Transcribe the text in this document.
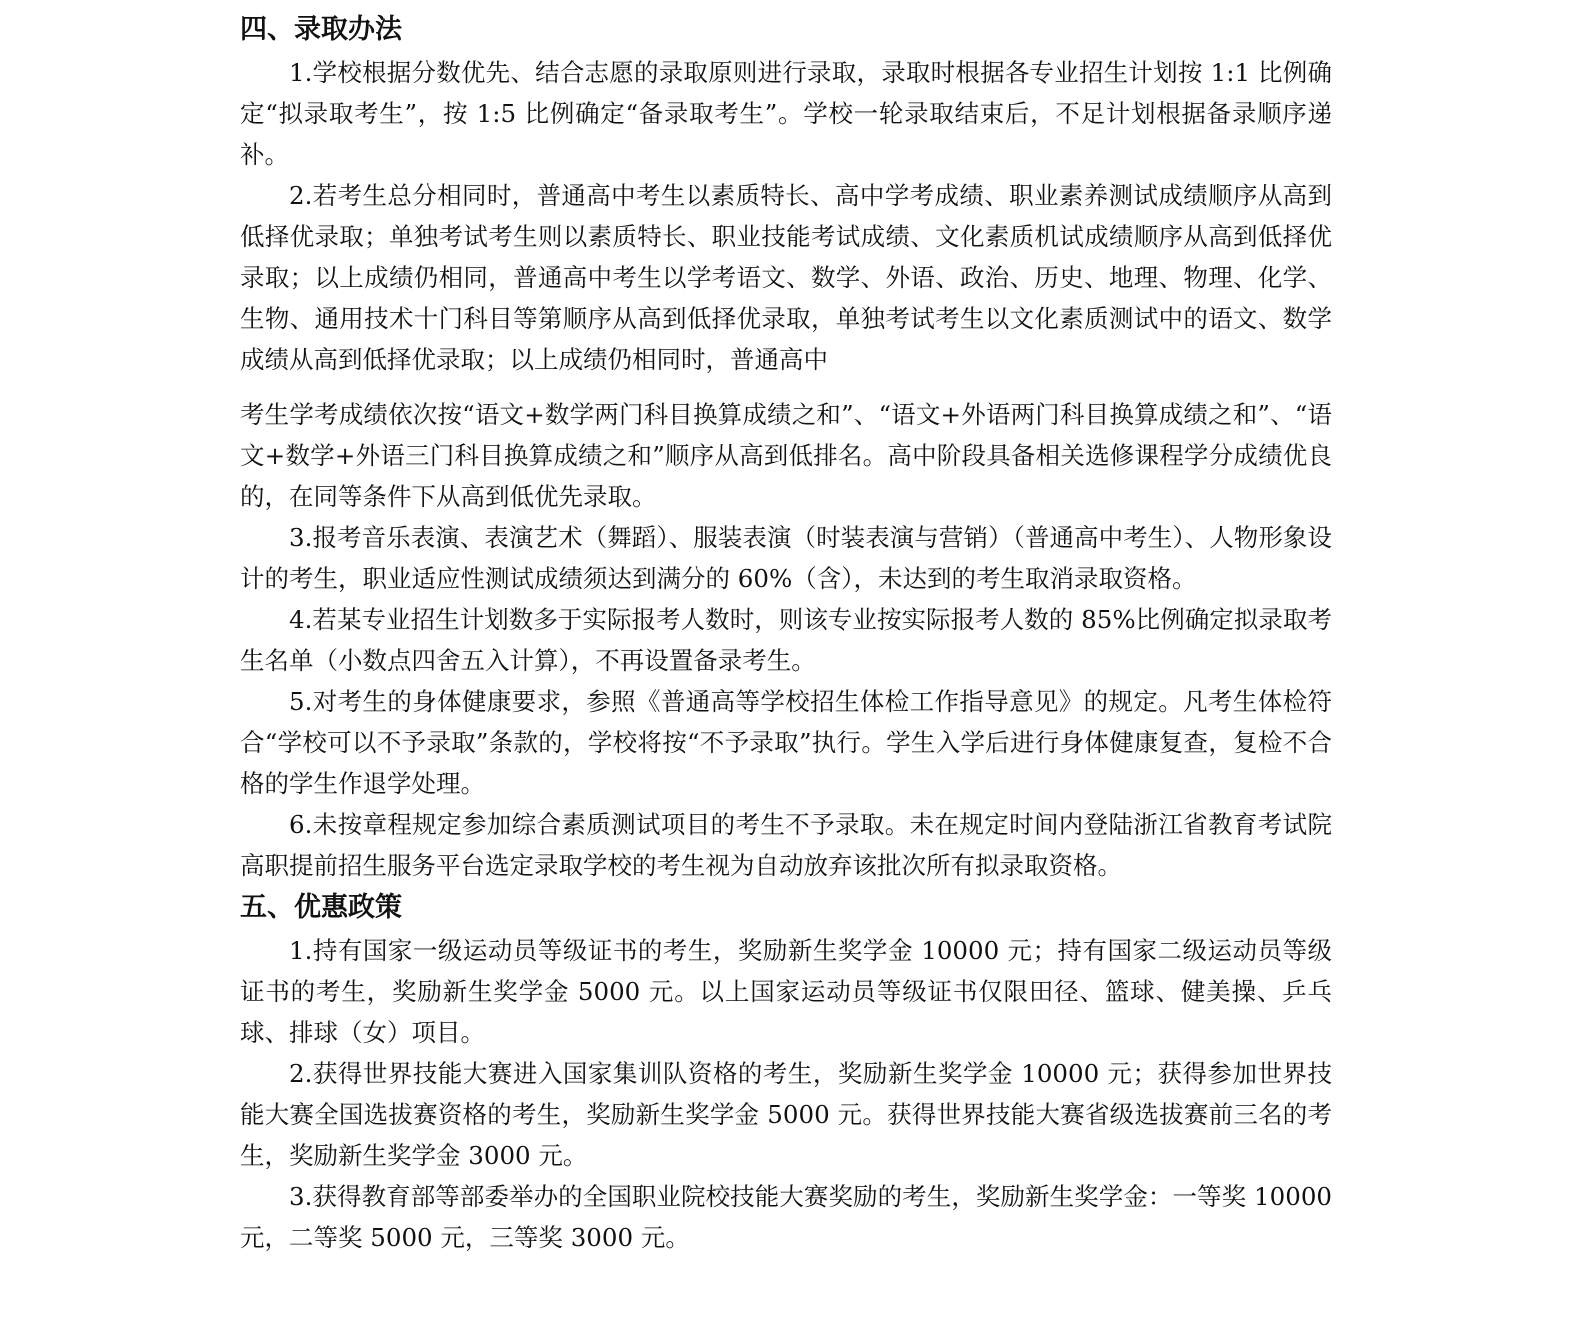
四、录取办法

1.学校根据分数优先、结合志愿的录取原则进行录取，录取时根据各专业招生计划按 1:1 比例确定“拟录取考生”，按 1:5 比例确定“备录取考生”。学校一轮录取结束后，不足计划根据备录顺序递补。

2.若考生总分相同时，普通高中考生以素质特长、高中学考成绩、职业素养测试成绩顺序从高到低择优录取；单独考试考生则以素质特长、职业技能考试成绩、文化素质机试成绩顺序从高到低择优录取；以上成绩仍相同，普通高中考生以学考语文、数学、外语、政治、历史、地理、物理、化学、生物、通用技术十门科目等第顺序从高到低择优录取，单独考试考生以文化素质测试中的语文、数学成绩从高到低择优录取；以上成绩仍相同时，普通高中

考生学考成绩依次按“语文+数学两门科目换算成绩之和”、“语文+外语两门科目换算成绩之和”、“语文+数学+外语三门科目换算成绩之和”顺序从高到低排名。高中阶段具备相关选修课程学分成绩优良的，在同等条件下从高到低优先录取。

3.报考音乐表演、表演艺术（舞蹈）、服装表演（时装表演与营销）（普通高中考生）、人物形象设计的考生，职业适应性测试成绩须达到满分的 60%（含），未达到的考生取消录取资格。

4.若某专业招生计划数多于实际报考人数时，则该专业按实际报考人数的 85%比例确定拟录取考生名单（小数点四舍五入计算），不再设置备录考生。

5.对考生的身体健康要求，参照《普通高等学校招生体检工作指导意见》的规定。凡考生体检符合“学校可以不予录取”条款的，学校将按“不予录取”执行。学生入学后进行身体健康复查，复检不合格的学生作退学处理。

6.未按章程规定参加综合素质测试项目的考生不予录取。未在规定时间内登陆浙江省教育考试院高职提前招生服务平台选定录取学校的考生视为自动放弃该批次所有拟录取资格。

五、优惠政策

1.持有国家一级运动员等级证书的考生，奖励新生奖学金 10000 元；持有国家二级运动员等级证书的考生，奖励新生奖学金 5000 元。以上国家运动员等级证书仅限田径、篮球、健美操、乒乓球、排球（女）项目。

2.获得世界技能大赛进入国家集训队资格的考生，奖励新生奖学金 10000 元；获得参加世界技能大赛全国选拔赛资格的考生，奖励新生奖学金 5000 元。获得世界技能大赛省级选拔赛前三名的考生，奖励新生奖学金 3000 元。

3.获得教育部等部委举办的全国职业院校技能大赛奖励的考生，奖励新生奖学金：一等奖 10000 元，二等奖 5000 元，三等奖 3000 元。
